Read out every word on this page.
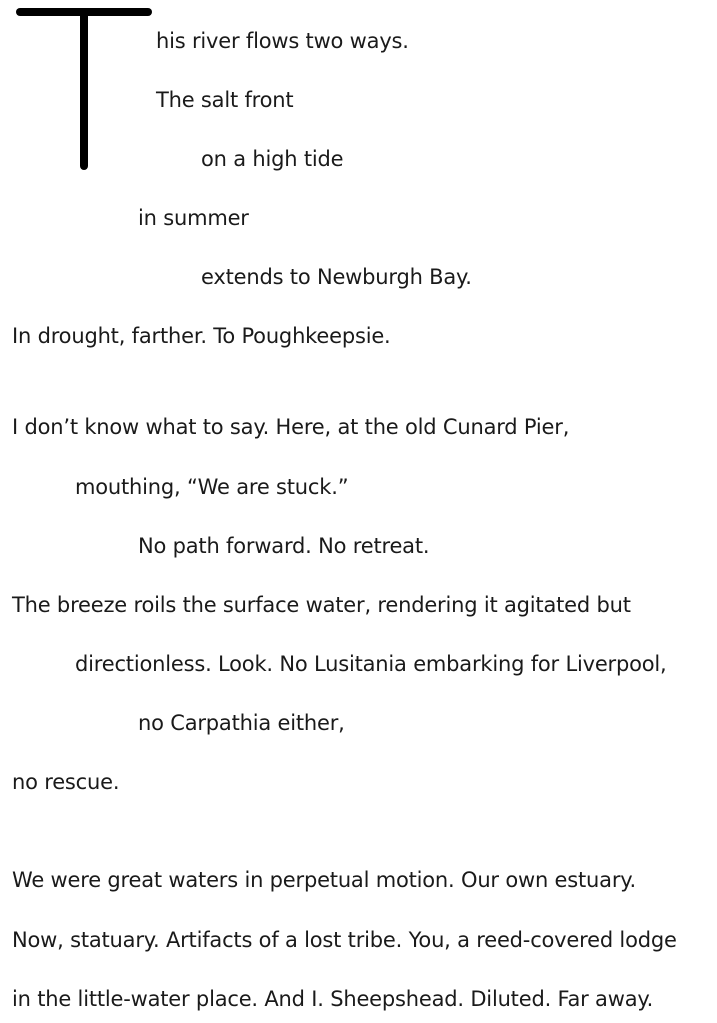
his river flows two ways.
The salt front
on a high tide
in summer
extends to Newburgh Bay.
In drought, farther. To Poughkeepsie.
I don’t know what to say. Here, at the old Cunard Pier,
mouthing, “We are stuck.”
No path forward. No retreat.
The breeze roils the surface water, rendering it agitated but
directionless. Look. No Lusitania embarking for Liverpool,
no Carpathia either,
no rescue.
We were great waters in perpetual motion. Our own estuary.
Now, statuary. Artifacts of a lost tribe. You, a reed-covered lodge
in the little-water place. And I. Sheepshead. Diluted. Far away.
